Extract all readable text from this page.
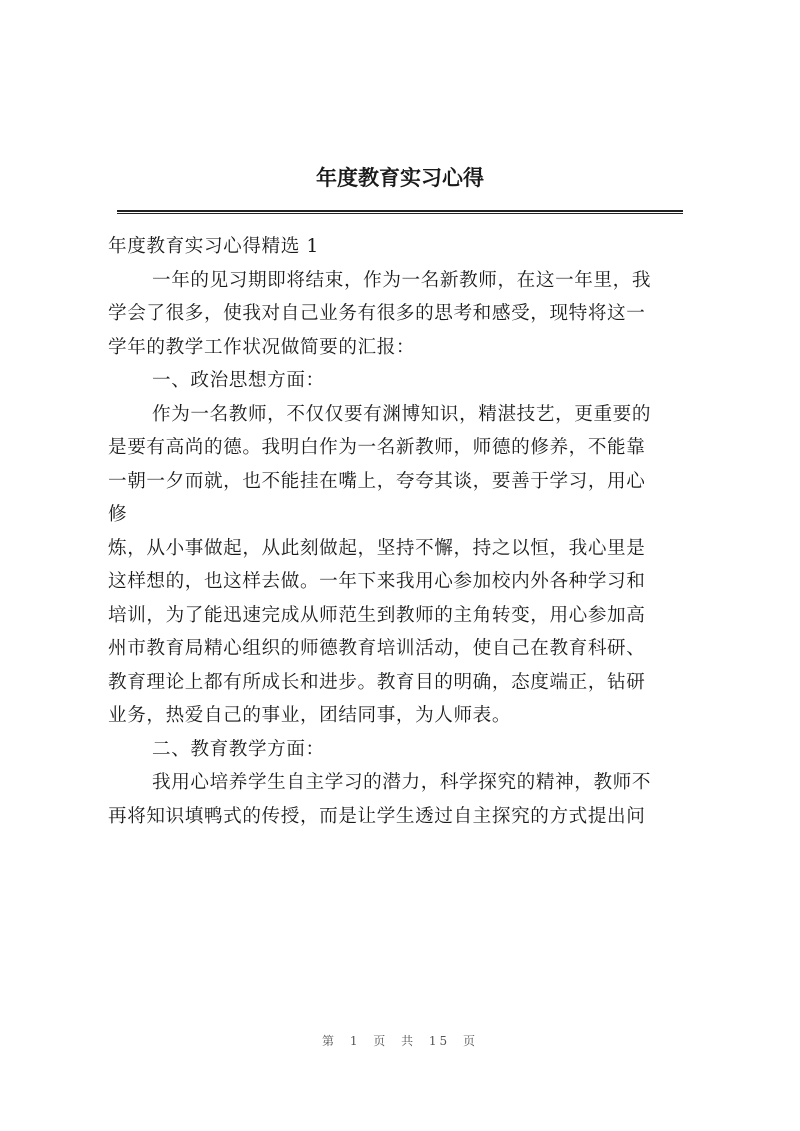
年度教育实习心得
年度教育实习心得精选 1
一年的见习期即将结束，作为一名新教师，在这一年里，我
学会了很多，使我对自己业务有很多的思考和感受，现特将这一
学年的教学工作状况做简要的汇报：
一、政治思想方面：
作为一名教师，不仅仅要有渊博知识，精湛技艺，更重要的
是要有高尚的德。我明白作为一名新教师，师德的修养，不能靠
一朝一夕而就，也不能挂在嘴上，夸夸其谈，要善于学习，用心
修
炼，从小事做起，从此刻做起，坚持不懈，持之以恒，我心里是
这样想的，也这样去做。一年下来我用心参加校内外各种学习和
培训，为了能迅速完成从师范生到教师的主角转变，用心参加高
州市教育局精心组织的师德教育培训活动，使自己在教育科研、
教育理论上都有所成长和进步。教育目的明确，态度端正，钻研
业务，热爱自己的事业，团结同事，为人师表。
二、教育教学方面：
我用心培养学生自主学习的潜力，科学探究的精神，教师不
再将知识填鸭式的传授，而是让学生透过自主探究的方式提出问
第 1 页 共 15 页
